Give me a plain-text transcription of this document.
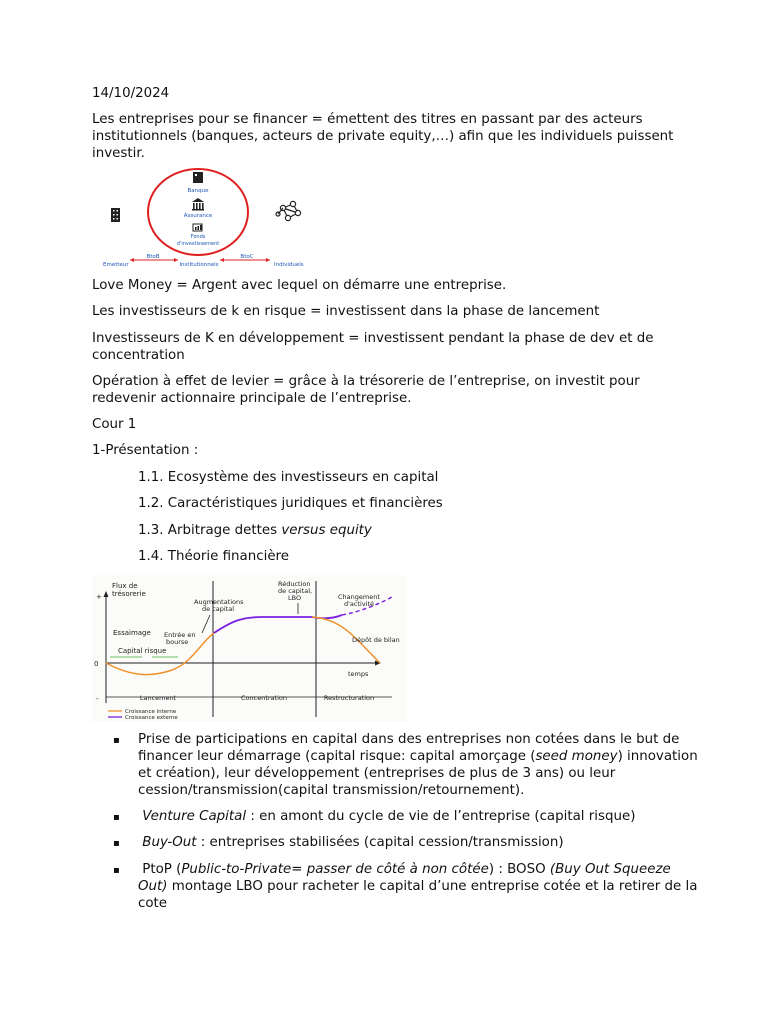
14/10/2024
Les entreprises pour se financer = émettent des titres en passant par des acteurs institutionnels (banques, acteurs de private equity,…) afin que les individuels puissent investir.
Banque
Assurance
Fonds
d'investissement
BtoB	BtoC
Emetteur	Institutionnels	Individuels
Love Money = Argent avec lequel on démarre une entreprise.
Les investisseurs de k en risque = investissent dans la phase de lancement
Investisseurs de K en développement = investissent pendant la phase de dev et de concentration
Opération à effet de levier = grâce à la trésorerie de l’entreprise, on investit pour redevenir actionnaire principale de l’entreprise.
Cour 1
1-Présentation :
1.1. Ecosystème des investisseurs en capital
1.2. Caractéristiques juridiques et financières
1.3. Arbitrage dettes versus equity
1.4. Théorie financière
Flux de
trésorerie
+
0
-
temps
Lancement	Concentration	Restructuration
Essaimage
Capital risque
Entrée en
bourse
Augmentations
de capital
Réduction
de capital,
LBO	Changement
d'activité
Dépôt de bilan
Croissance interne
Croissance externe
▪ Prise de participations en capital dans des entreprises non cotées dans le but de financer leur démarrage (capital risque: capital amorçage (seed money) innovation et création), leur développement (entreprises de plus de 3 ans) ou leur cession/transmission(capital transmission/retournement).
▪	Venture Capital : en amont du cycle de vie de l’entreprise (capital risque)
▪	Buy-Out : entreprises stabilisées (capital cession/transmission)
▪	PtoP (Public-to-Private= passer de côté à non côtée) : BOSO (Buy Out Squeeze Out) montage LBO pour racheter le capital d’une entreprise cotée et la retirer de la cote
